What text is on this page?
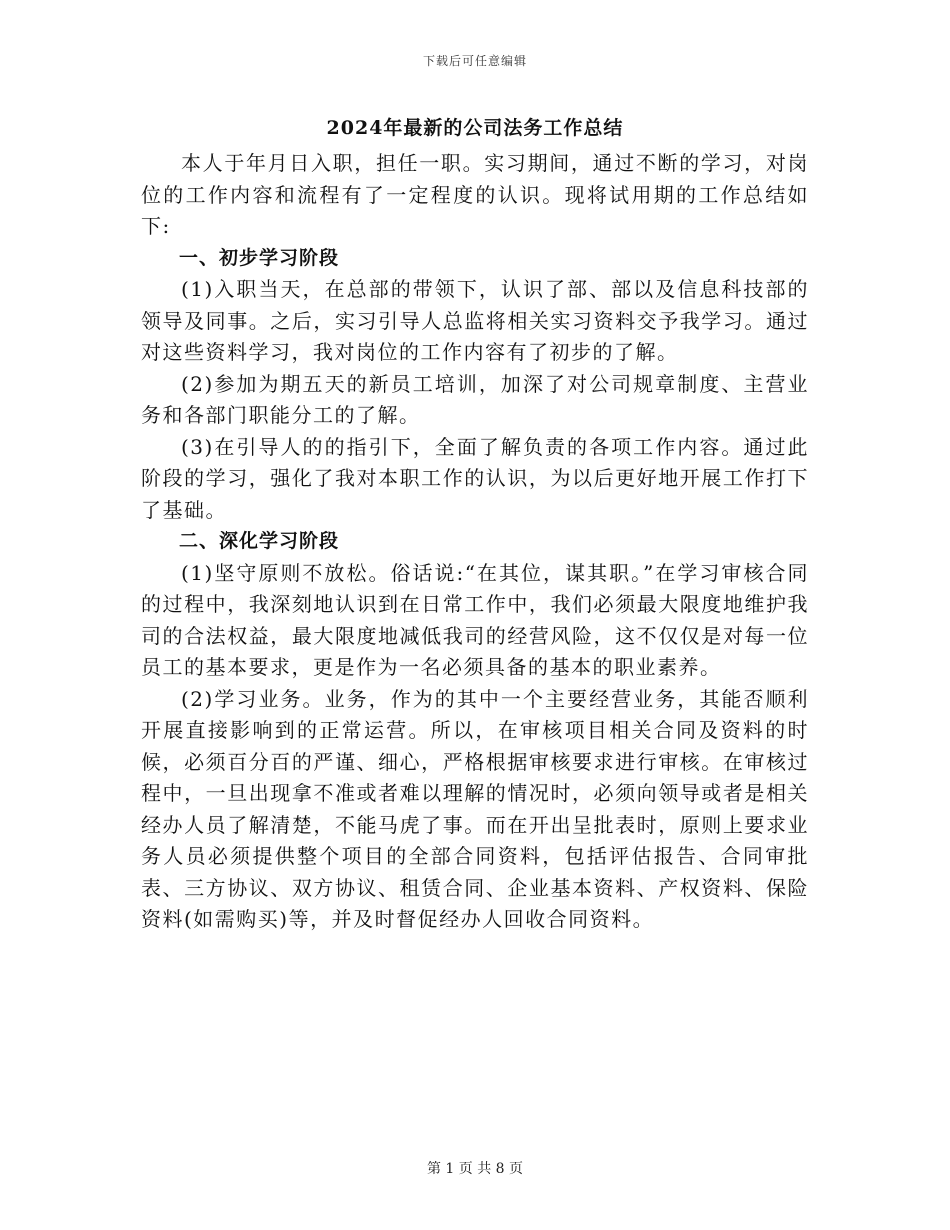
下载后可任意编辑
2024年最新的公司法务工作总结

本人于年月日入职，担任一职。实习期间，通过不断的学习，对岗位的工作内容和流程有了一定程度的认识。现将试用期的工作总结如下:

一、初步学习阶段

(1)入职当天，在总部的带领下，认识了部、部以及信息科技部的领导及同事。之后，实习引导人总监将相关实习资料交予我学习。通过对这些资料学习，我对岗位的工作内容有了初步的了解。

(2)参加为期五天的新员工培训，加深了对公司规章制度、主营业务和各部门职能分工的了解。

(3)在引导人的的指引下，全面了解负责的各项工作内容。通过此阶段的学习，强化了我对本职工作的认识，为以后更好地开展工作打下了基础。

二、深化学习阶段

(1)坚守原则不放松。俗话说:“在其位，谋其职。”在学习审核合同的过程中，我深刻地认识到在日常工作中，我们必须最大限度地维护我司的合法权益，最大限度地减低我司的经营风险，这不仅仅是对每一位员工的基本要求，更是作为一名必须具备的基本的职业素养。

(2)学习业务。业务，作为的其中一个主要经营业务，其能否顺利开展直接影响到的正常运营。所以，在审核项目相关合同及资料的时候，必须百分百的严谨、细心，严格根据审核要求进行审核。在审核过程中，一旦出现拿不准或者难以理解的情况时，必须向领导或者是相关经办人员了解清楚，不能马虎了事。而在开出呈批表时，原则上要求业务人员必须提供整个项目的全部合同资料，包括评估报告、合同审批表、三方协议、双方协议、租赁合同、企业基本资料、产权资料、保险资料(如需购买)等，并及时督促经办人回收合同资料。

第 1 页 共 8 页
